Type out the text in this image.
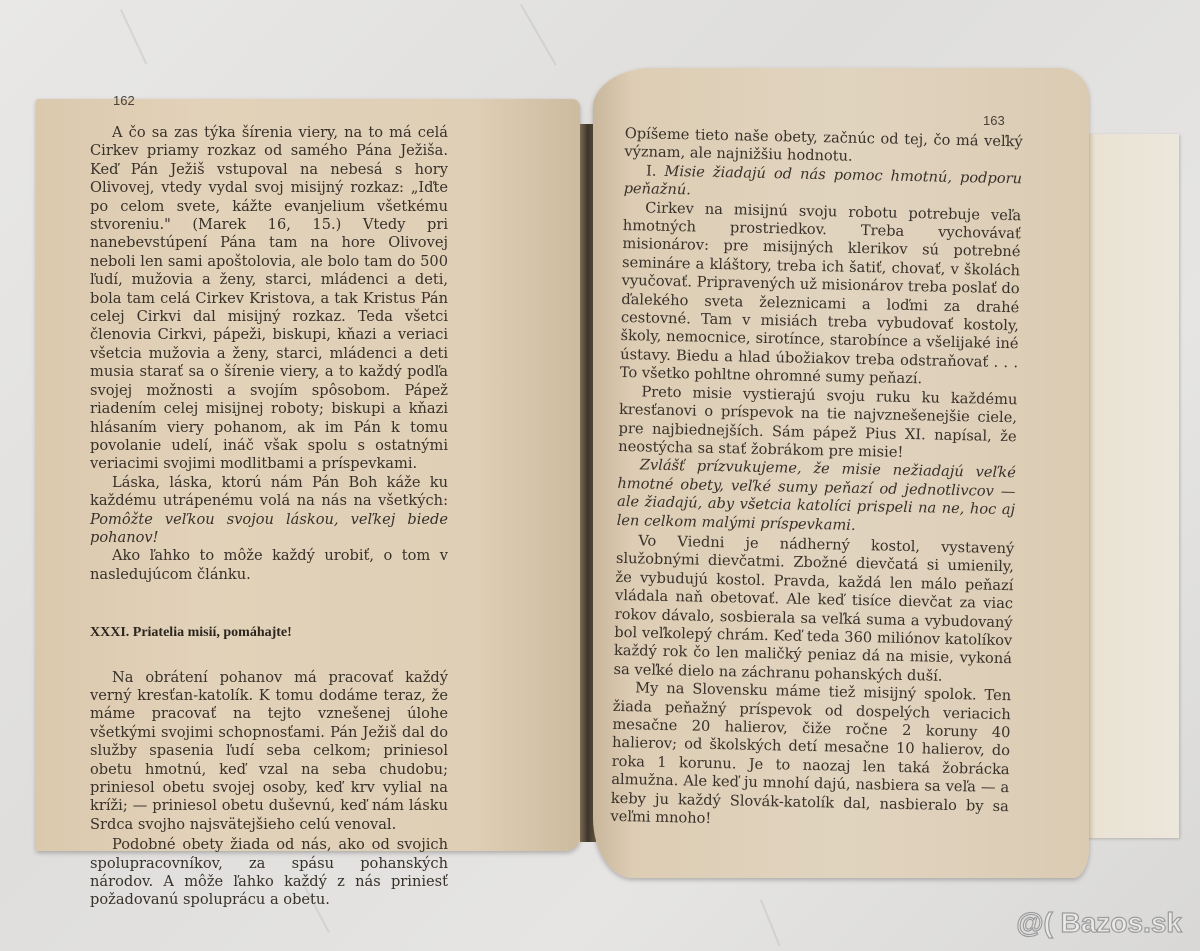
162
163

A čo sa zas týka šírenia viery, na to má celá Cirkev priamy rozkaz od samého Pána Ježiša. Keď Pán Ježiš vstupoval na nebesá s hory Olivovej, vtedy vydal svoj misijný rozkaz: „Iďte po celom svete, kážte evanjelium všetkému stvoreniu." (Marek 16, 15.) Vtedy pri nanebevstúpení Pána tam na hore Olivovej neboli len sami apoštolovia, ale bolo tam do 500 ľudí, mužovia a ženy, starci, mládenci a deti, bola tam celá Cirkev Kristova, a tak Kristus Pán celej Cirkvi dal misijný rozkaz. Teda všetci členovia Cirkvi, pápeži, biskupi, kňazi a veriaci všetcia mužovia a ženy, starci, mládenci a deti musia starať sa o šírenie viery, a to každý podľa svojej možnosti a svojím spôsobom. Pápež riadením celej misijnej roboty; biskupi a kňazi hlásaním viery pohanom, ak im Pán k tomu povolanie udelí, ináč však spolu s ostatnými veriacimi svojimi modlitbami a príspevkami.

Láska, láska, ktorú nám Pán Boh káže ku každému utrápenému volá na nás na všetkých: Pomôžte veľkou svojou láskou, veľkej biede pohanov!

Ako ľahko to môže každý urobiť, o tom v nasledujúcom článku.

XXXI. Priatelia misií, pomáhajte!

Na obrátení pohanov má pracovať každý verný kresťan-katolík. K tomu dodáme teraz, že máme pracovať na tejto vznešenej úlohe všetkými svojimi schopnosťami. Pán Ježiš dal do služby spasenia ľudí seba celkom; priniesol obetu hmotnú, keď vzal na seba chudobu; priniesol obetu svojej osoby, keď krv vylial na kríži; — priniesol obetu duševnú, keď nám lásku Srdca svojho najsvätejšieho celú venoval.

Podobné obety žiada od nás, ako od svojich spolupracovníkov, za spásu pohanských národov. A môže ľahko každý z nás priniesť požadovanú spoluprácu a obetu.

Opíšeme tieto naše obety, začnúc od tej, čo má veľký význam, ale najnižšiu hodnotu.

I. Misie žiadajú od nás pomoc hmotnú, podporu peňažnú.

Cirkev na misijnú svoju robotu potrebuje veľa hmotných prostriedkov. Treba vychovávať misionárov: pre misijných klerikov sú potrebné semináre a kláštory, treba ich šatiť, chovať, v školách vyučovať. Pripravených už misionárov treba poslať do ďalekého sveta železnicami a loďmi za drahé cestovné. Tam v misiách treba vybudovať kostoly, školy, nemocnice, sirotínce, starobínce a všelijaké iné ústavy. Biedu a hlad úbožiakov treba odstraňovať . . . To všetko pohltne ohromné sumy peňazí.

Preto misie vystierajú svoju ruku ku každému kresťanovi o príspevok na tie najvznešenejšie ciele, pre najbiednejších. Sám pápež Pius XI. napísal, že neostýcha sa stať žobrákom pre misie!

Zvlášť prízvukujeme, že misie nežiadajú veľké hmotné obety, veľké sumy peňazí od jednotlivcov — ale žiadajú, aby všetcia katolíci prispeli na ne, hoc aj len celkom malými príspevkami.

Vo Viedni je nádherný kostol, vystavený služobnými dievčatmi. Zbožné dievčatá si umienily, že vybudujú kostol. Pravda, každá len málo peňazí vládala naň obetovať. Ale keď tisíce dievčat za viac rokov dávalo, sosbierala sa veľká suma a vybudovaný bol veľkolepý chrám. Keď teda 360 miliónov katolíkov každý rok čo len maličký peniaz dá na misie, vykoná sa veľké dielo na záchranu pohanských duší.

My na Slovensku máme tiež misijný spolok. Ten žiada peňažný príspevok od dospelých veriacich mesačne 20 halierov, čiže ročne 2 koruny 40 halierov; od školských detí mesačne 10 halierov, do roka 1 korunu. Je to naozaj len taká žobrácka almužna. Ale keď ju mnohí dajú, nasbiera sa veľa — a keby ju každý Slovák-katolík dal, nasbieralo by sa veľmi mnoho!

@( Bazos.sk
